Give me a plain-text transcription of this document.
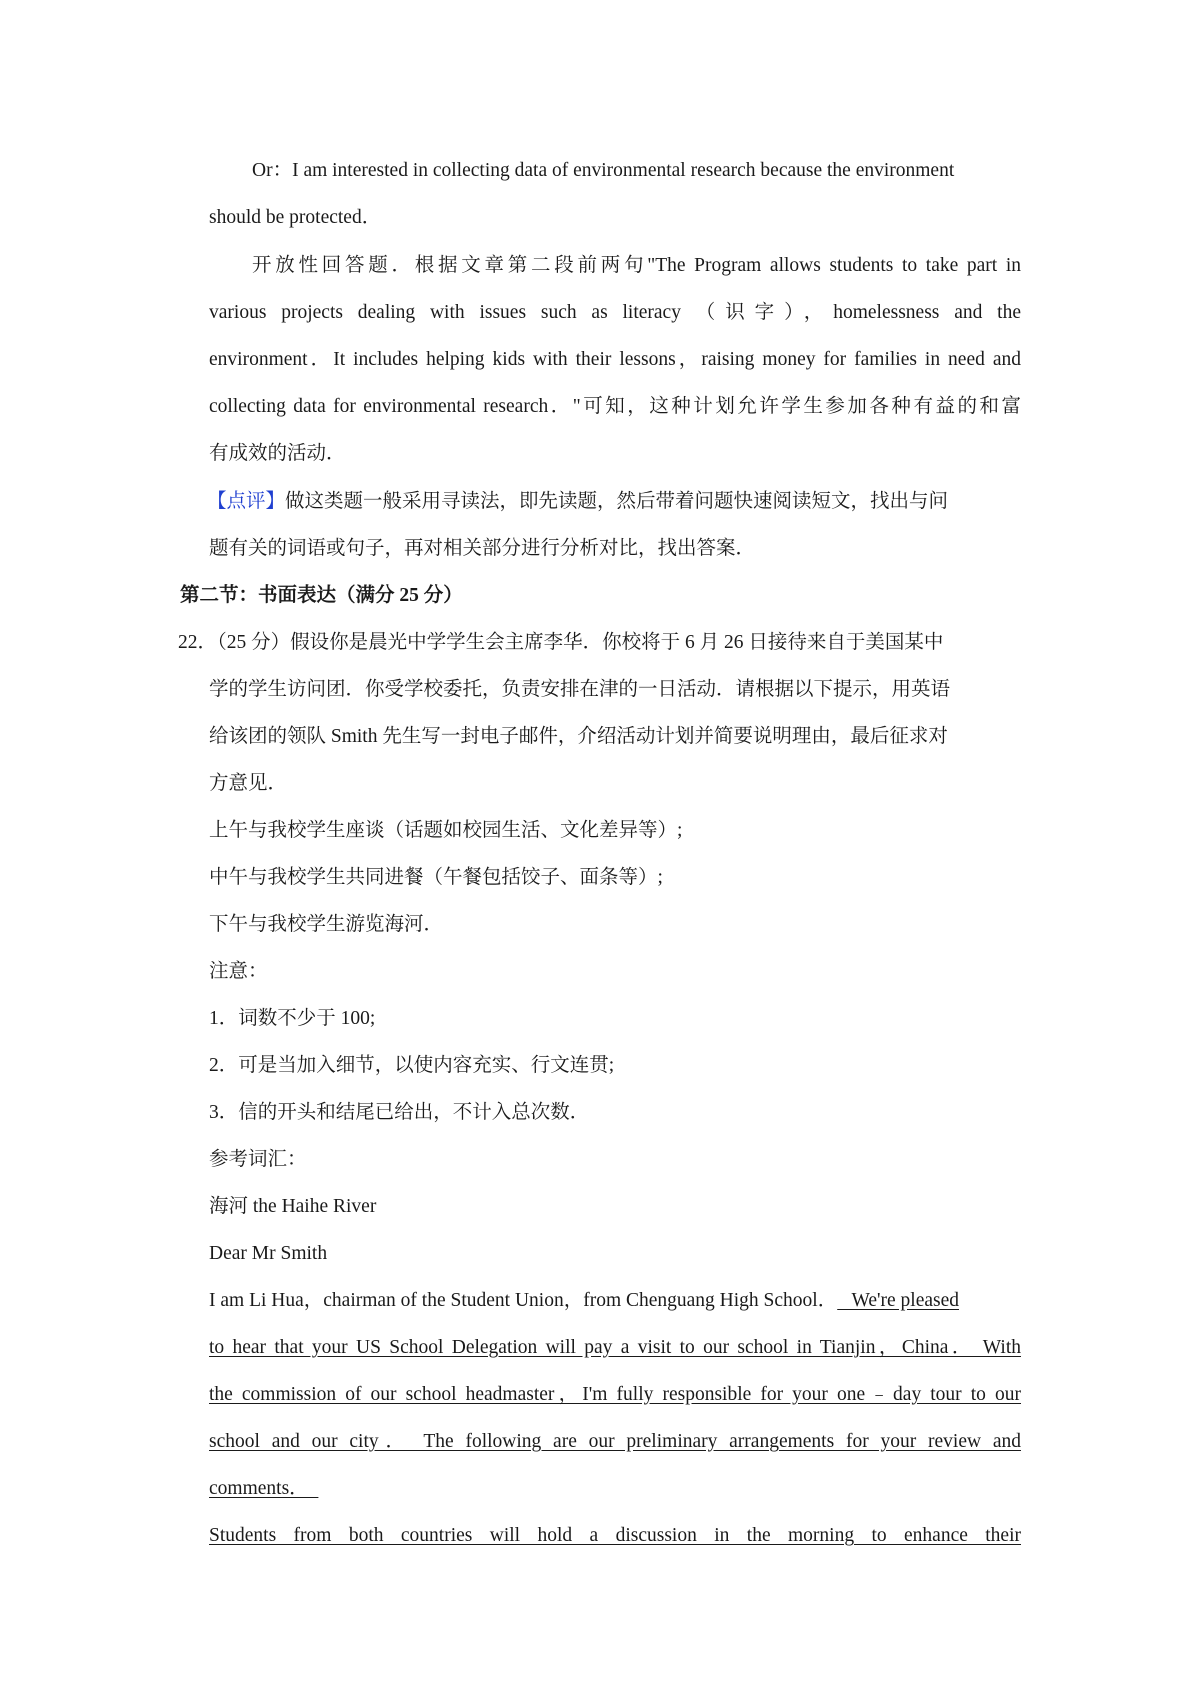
Or：I am interested in collecting data of environmental research because the environment
should be protected．
开放性回答题．根据文章第二段前两句"The Program allows students to take part in
various projects dealing with issues such as literacy （识字），homelessness and the
environment．It includes helping kids with their lessons，raising money for families in need and
collecting data for environmental research．"可知，这种计划允许学生参加各种有益的和富
有成效的活动．
【点评】做这类题一般采用寻读法，即先读题，然后带着问题快速阅读短文，找出与问
题有关的词语或句子，再对相关部分进行分析对比，找出答案．
第二节：书面表达（满分 25 分）
22．（25 分）假设你是晨光中学学生会主席李华．你校将于 6 月 26 日接待来自于美国某中
学的学生访问团．你受学校委托，负责安排在津的一日活动．请根据以下提示，用英语
给该团的领队 Smith 先生写一封电子邮件，介绍活动计划并简要说明理由，最后征求对
方意见．
上午与我校学生座谈（话题如校园生活、文化差异等）;
中午与我校学生共同进餐（午餐包括饺子、面条等）;
下午与我校学生游览海河．
注意：
1．词数不少于 100;
2．可是当加入细节，以使内容充实、行文连贯;
3．信的开头和结尾已给出，不计入总次数．
参考词汇：
海河 the Haihe River
Dear Mr Smith
I am Li Hua，chairman of the Student Union，from Chenguang High School．   We're pleased
to hear that your US School Delegation will pay a visit to our school in Tianjin，China． With
the commission of our school headmaster，I'm fully responsible for your one﹣day tour to our
school and our city． The following are our preliminary arrangements for your review and
comments．
Students from both countries will hold a discussion in the morning to enhance their
